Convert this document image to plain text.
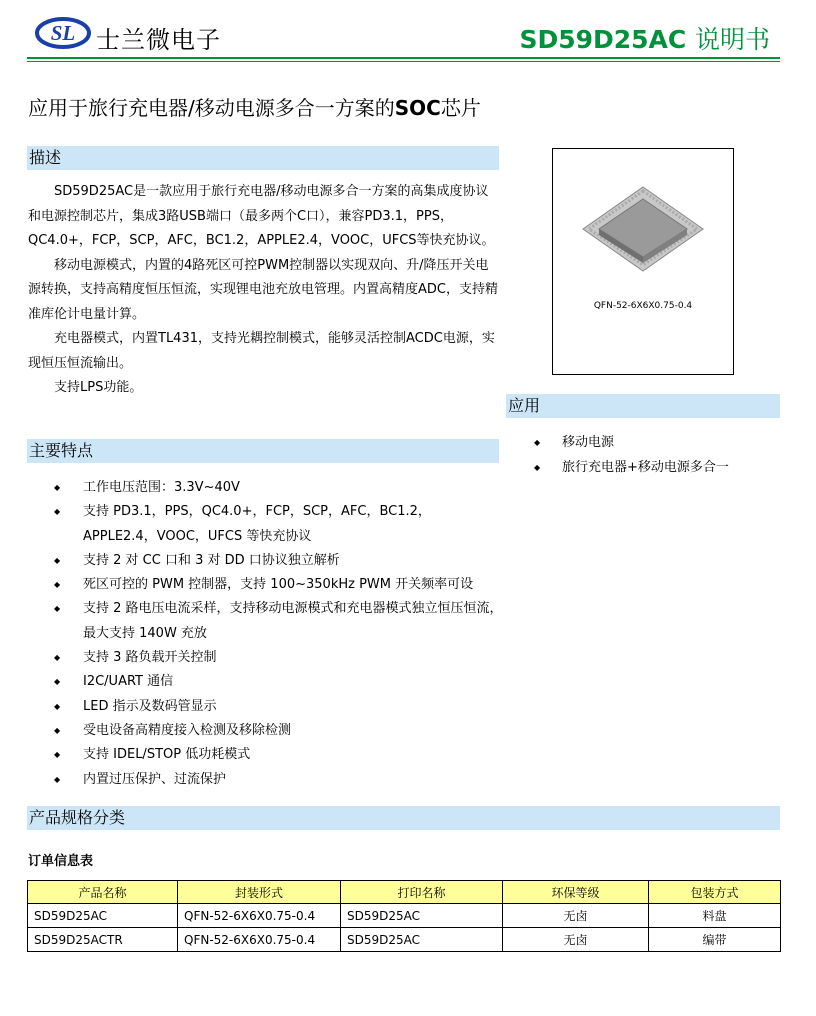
SL 士兰微电子	SD59D25AC 说明书
应用于旅行充电器/移动电源多合一方案的SOC芯片
描述

SD59D25AC是一款应用于旅行充电器/移动电源多合一方案的高集成度协议和电源控制芯片，集成3路USB端口（最多两个C口），兼容PD3.1，PPS，QC4.0+，FCP，SCP，AFC，BC1.2，APPLE2.4，VOOC，UFCS等快充协议。

移动电源模式，内置的4路死区可控PWM控制器以实现双向、升/降压开关电源转换，支持高精度恒压恒流，实现锂电池充放电管理。内置高精度ADC，支持精准库伦计电量计算。

充电器模式，内置TL431，支持光耦控制模式，能够灵活控制ACDC电源，实现恒压恒流输出。

支持LPS功能。

QFN-52-6X6X0.75-0.4
应用
◆ 移动电源
◆ 旅行充电器+移动电源多合一
主要特点
◆ 工作电压范围：3.3V~40V
◆ 支持 PD3.1，PPS，QC4.0+，FCP，SCP，AFC，BC1.2，APPLE2.4，VOOC，UFCS 等快充协议
◆ 支持 2 对 CC 口和 3 对 DD 口协议独立解析
◆ 死区可控的 PWM 控制器，支持 100~350kHz PWM 开关频率可设
◆ 支持 2 路电压电流采样，支持移动电源模式和充电器模式独立恒压恒流，最大支持 140W 充放
◆ 支持 3 路负载开关控制
◆ I2C/UART 通信
◆ LED 指示及数码管显示
◆ 受电设备高精度接入检测及移除检测
◆ 支持 IDEL/STOP 低功耗模式
◆ 内置过压保护、过流保护
产品规格分类
订单信息表
产品名称	封装形式	打印名称	环保等级	包装方式
SD59D25AC	QFN-52-6X6X0.75-0.4	SD59D25AC	无卤	料盘
SD59D25ACTR	QFN-52-6X6X0.75-0.4	SD59D25AC	无卤	编带
